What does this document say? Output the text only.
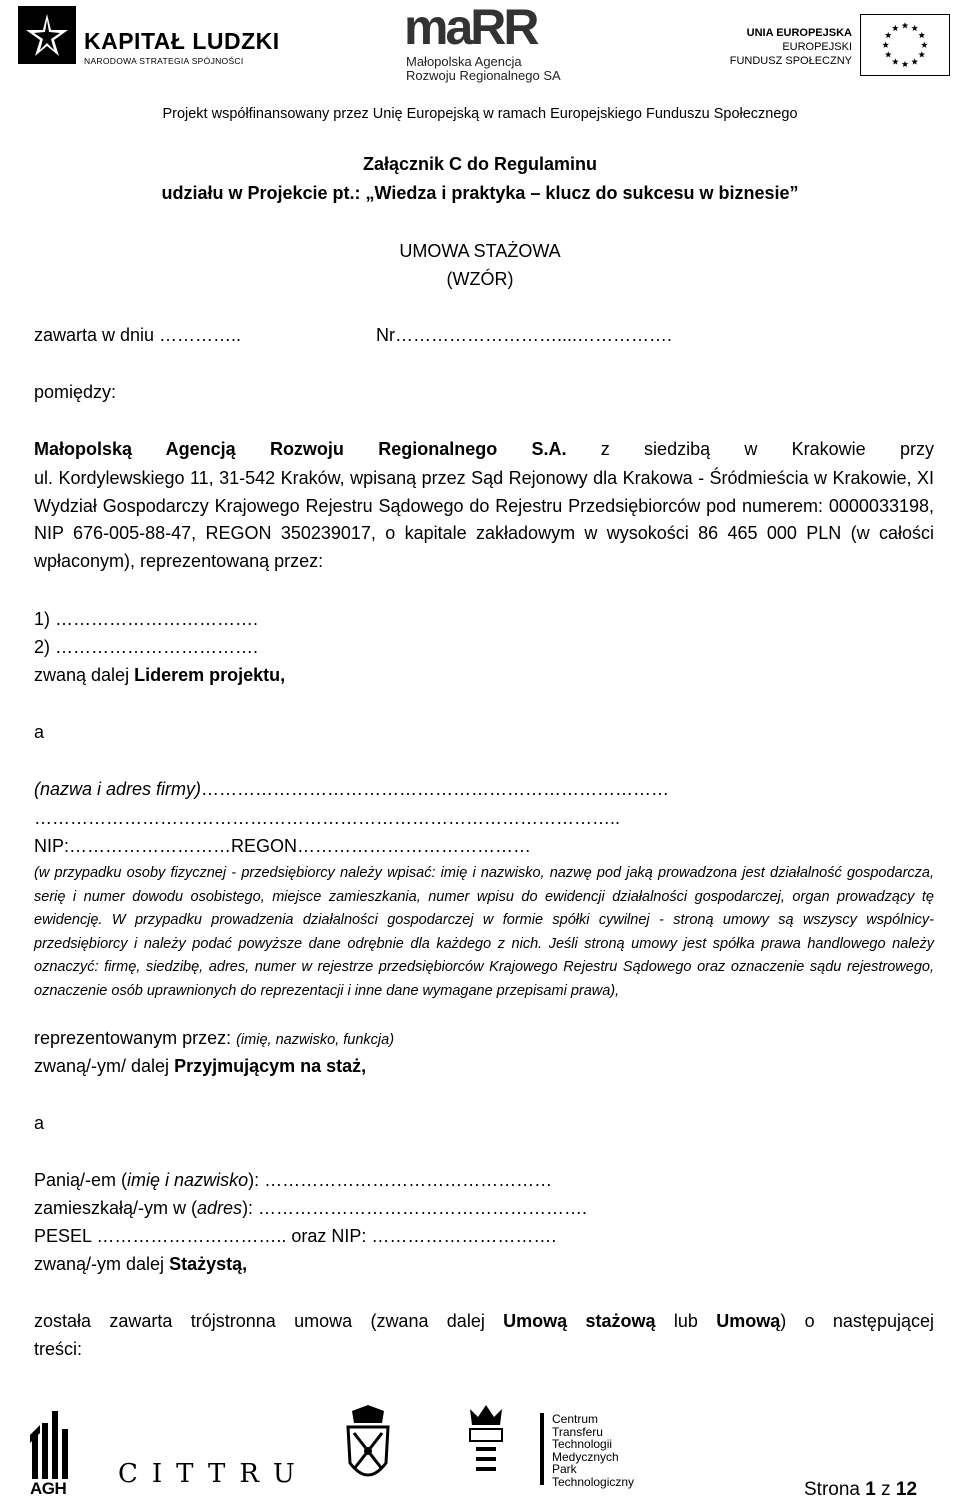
KAPITAŁ LUDZKI
NARODOWA STRATEGIA SPÓJNOŚCI
maRR
Małopolska Agencja
Rozwoju Regionalnego SA
UNIA EUROPEJSKA
EUROPEJSKI
FUNDUSZ SPOŁECZNY
Projekt współfinansowany przez Unię Europejską w ramach Europejskiego Funduszu Społecznego
Załącznik C do Regulaminu
udziału w Projekcie pt.: „Wiedza i praktyka – klucz do sukcesu w biznesie”
UMOWA STAŻOWA
(WZÓR)
zawarta w dniu …………..	Nr………………………....…………….
pomiędzy:
Małopolską Agencją Rozwoju Regionalnego S.A. z siedzibą w Krakowie przy
ul. Kordylewskiego 11, 31-542 Kraków, wpisaną przez Sąd Rejonowy dla Krakowa - Śródmieścia w Krakowie, XI Wydział Gospodarczy Krajowego Rejestru Sądowego do Rejestru Przedsiębiorców pod numerem: 0000033198, NIP 676-005-88-47, REGON 350239017, o kapitale zakładowym w wysokości 86 465 000 PLN (w całości wpłaconym), reprezentowaną przez:
1) …………………………….
2) …………………………….
zwaną dalej Liderem projektu,
a
(nazwa i adres firmy)……………………………………………………………………
……………………………………………………………………………………..
NIP:………………………REGON…………………………………
(w przypadku osoby fizycznej - przedsiębiorcy należy wpisać: imię i nazwisko, nazwę pod jaką prowadzona jest działalność gospodarcza, serię i numer dowodu osobistego, miejsce zamieszkania, numer wpisu do ewidencji działalności gospodarczej, organ prowadzący tę ewidencję. W przypadku prowadzenia działalności gospodarczej w formie spółki cywilnej - stroną umowy są wszyscy wspólnicy-przedsiębiorcy i należy podać powyższe dane odrębnie dla każdego z nich. Jeśli stroną umowy jest spółka prawa handlowego należy oznaczyć: firmę, siedzibę, adres, numer w rejestrze przedsiębiorców Krajowego Rejestru Sądowego oraz oznaczenie sądu rejestrowego, oznaczenie osób uprawnionych do reprezentacji i inne dane wymagane przepisami prawa),
reprezentowanym przez: (imię, nazwisko, funkcja)
zwaną/-ym/ dalej Przyjmującym na staż,
a
Panią/-em (imię i nazwisko): …………………………………………
zamieszkałą/-ym w (adres): ……………………………………………….
PESEL ………………………….. oraz NIP: ………………………….
zwaną/-ym dalej Stażystą,
została zawarta trójstronna umowa (zwana dalej Umową stażową lub Umową) o następującej
treści:
AGH CITTRU
Centrum
Transferu
Technologii
Medycznych
Park
Technologiczny	Strona 1 z 12
